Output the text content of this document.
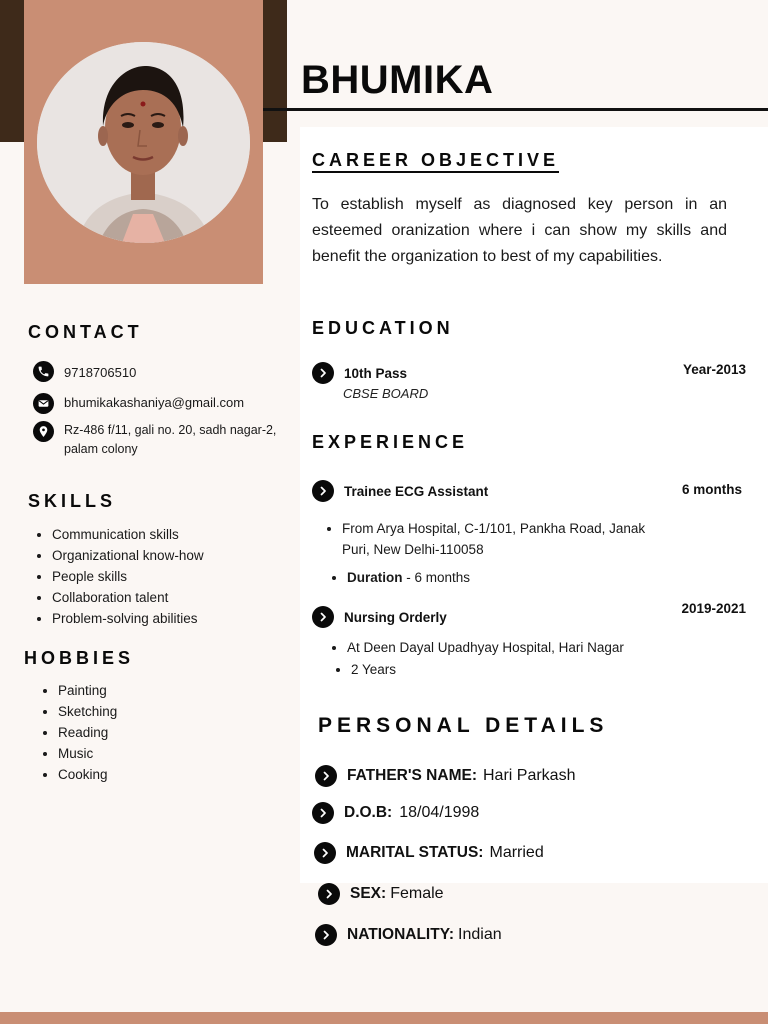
BHUMIKA
CAREER OBJECTIVE
To establish myself as diagnosed key person in an esteemed oranization where i can show my skills and benefit the organization to best of my capabilities.
CONTACT
9718706510
bhumikakashaniya@gmail.com
Rz-486 f/11, gali no. 20, sadh nagar-2, palam colony
SKILLS
• Communication skills
• Organizational know-how
• People skills
• Collaboration talent
• Problem-solving abilities
HOBBIES
• Painting
• Sketching
• Reading
• Music
• Cooking
EDUCATION
10th Pass
CBSE BOARD
Year-2013
EXPERIENCE
Trainee ECG Assistant	6 months
• From Arya Hospital, C-1/101, Pankha Road, Janak Puri, New Delhi-110058
• Duration - 6 months
Nursing Orderly
2019-2021
• At Deen Dayal Upadhyay Hospital, Hari Nagar
• 2 Years
PERSONAL DETAILS
FATHER'S NAME: Hari Parkash
D.O.B: 18/04/1998
MARITAL STATUS: Married
SEX: Female
NATIONALITY: Indian
